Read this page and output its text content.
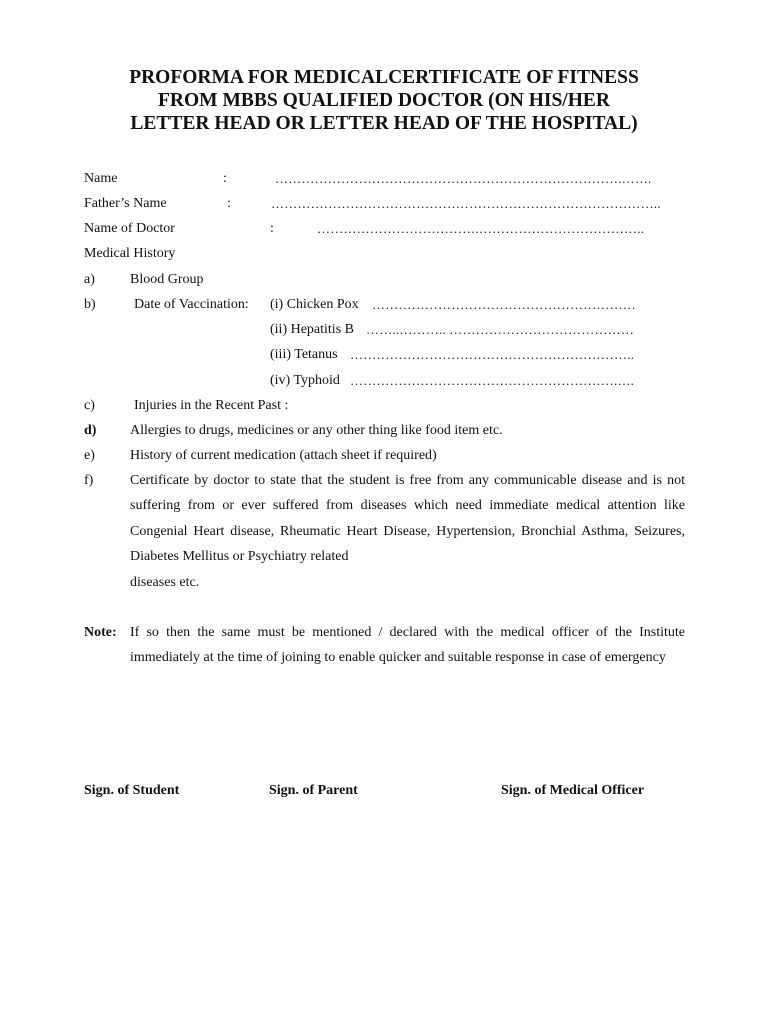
PROFORMA FOR MEDICALCERTIFICATE OF FITNESS
FROM MBBS QUALIFIED DOCTOR (ON HIS/HER
LETTER HEAD OR LETTER HEAD OF THE HOSPITAL)
Name	:	…………………………………………………………………….…….
Father’s Name	:	……………………………………………………………………………..
Name of Doctor	:	……………………………….………………………………..
Medical History
a)	Blood Group
b)	Date of Vaccination: (i) Chicken Pox ……………………………………………………
(ii) Hepatitis B ……..……….. ……………………………………
(iii) Tetanus ………………………………………………………..
(iv) Typhoid …………………………………………………….….
c)	Injuries in the Recent Past :
d) Allergies to drugs, medicines or any other thing like food item etc.
e)	History of current medication (attach sheet if required)
f)	Certificate by doctor to state that the student is free from any communicable disease and is not suffering from or ever suffered from diseases which need immediate medical attention like Congenial Heart disease, Rheumatic Heart Disease, Hypertension, Bronchial Asthma, Seizures, Diabetes Mellitus or Psychiatry related
diseases etc.
Note: If so then the same must be mentioned / declared with the medical officer of the Institute immediately at the time of joining to enable quicker and suitable response in case of emergency
Sign. of Student	Sign. of Parent	Sign. of Medical Officer
